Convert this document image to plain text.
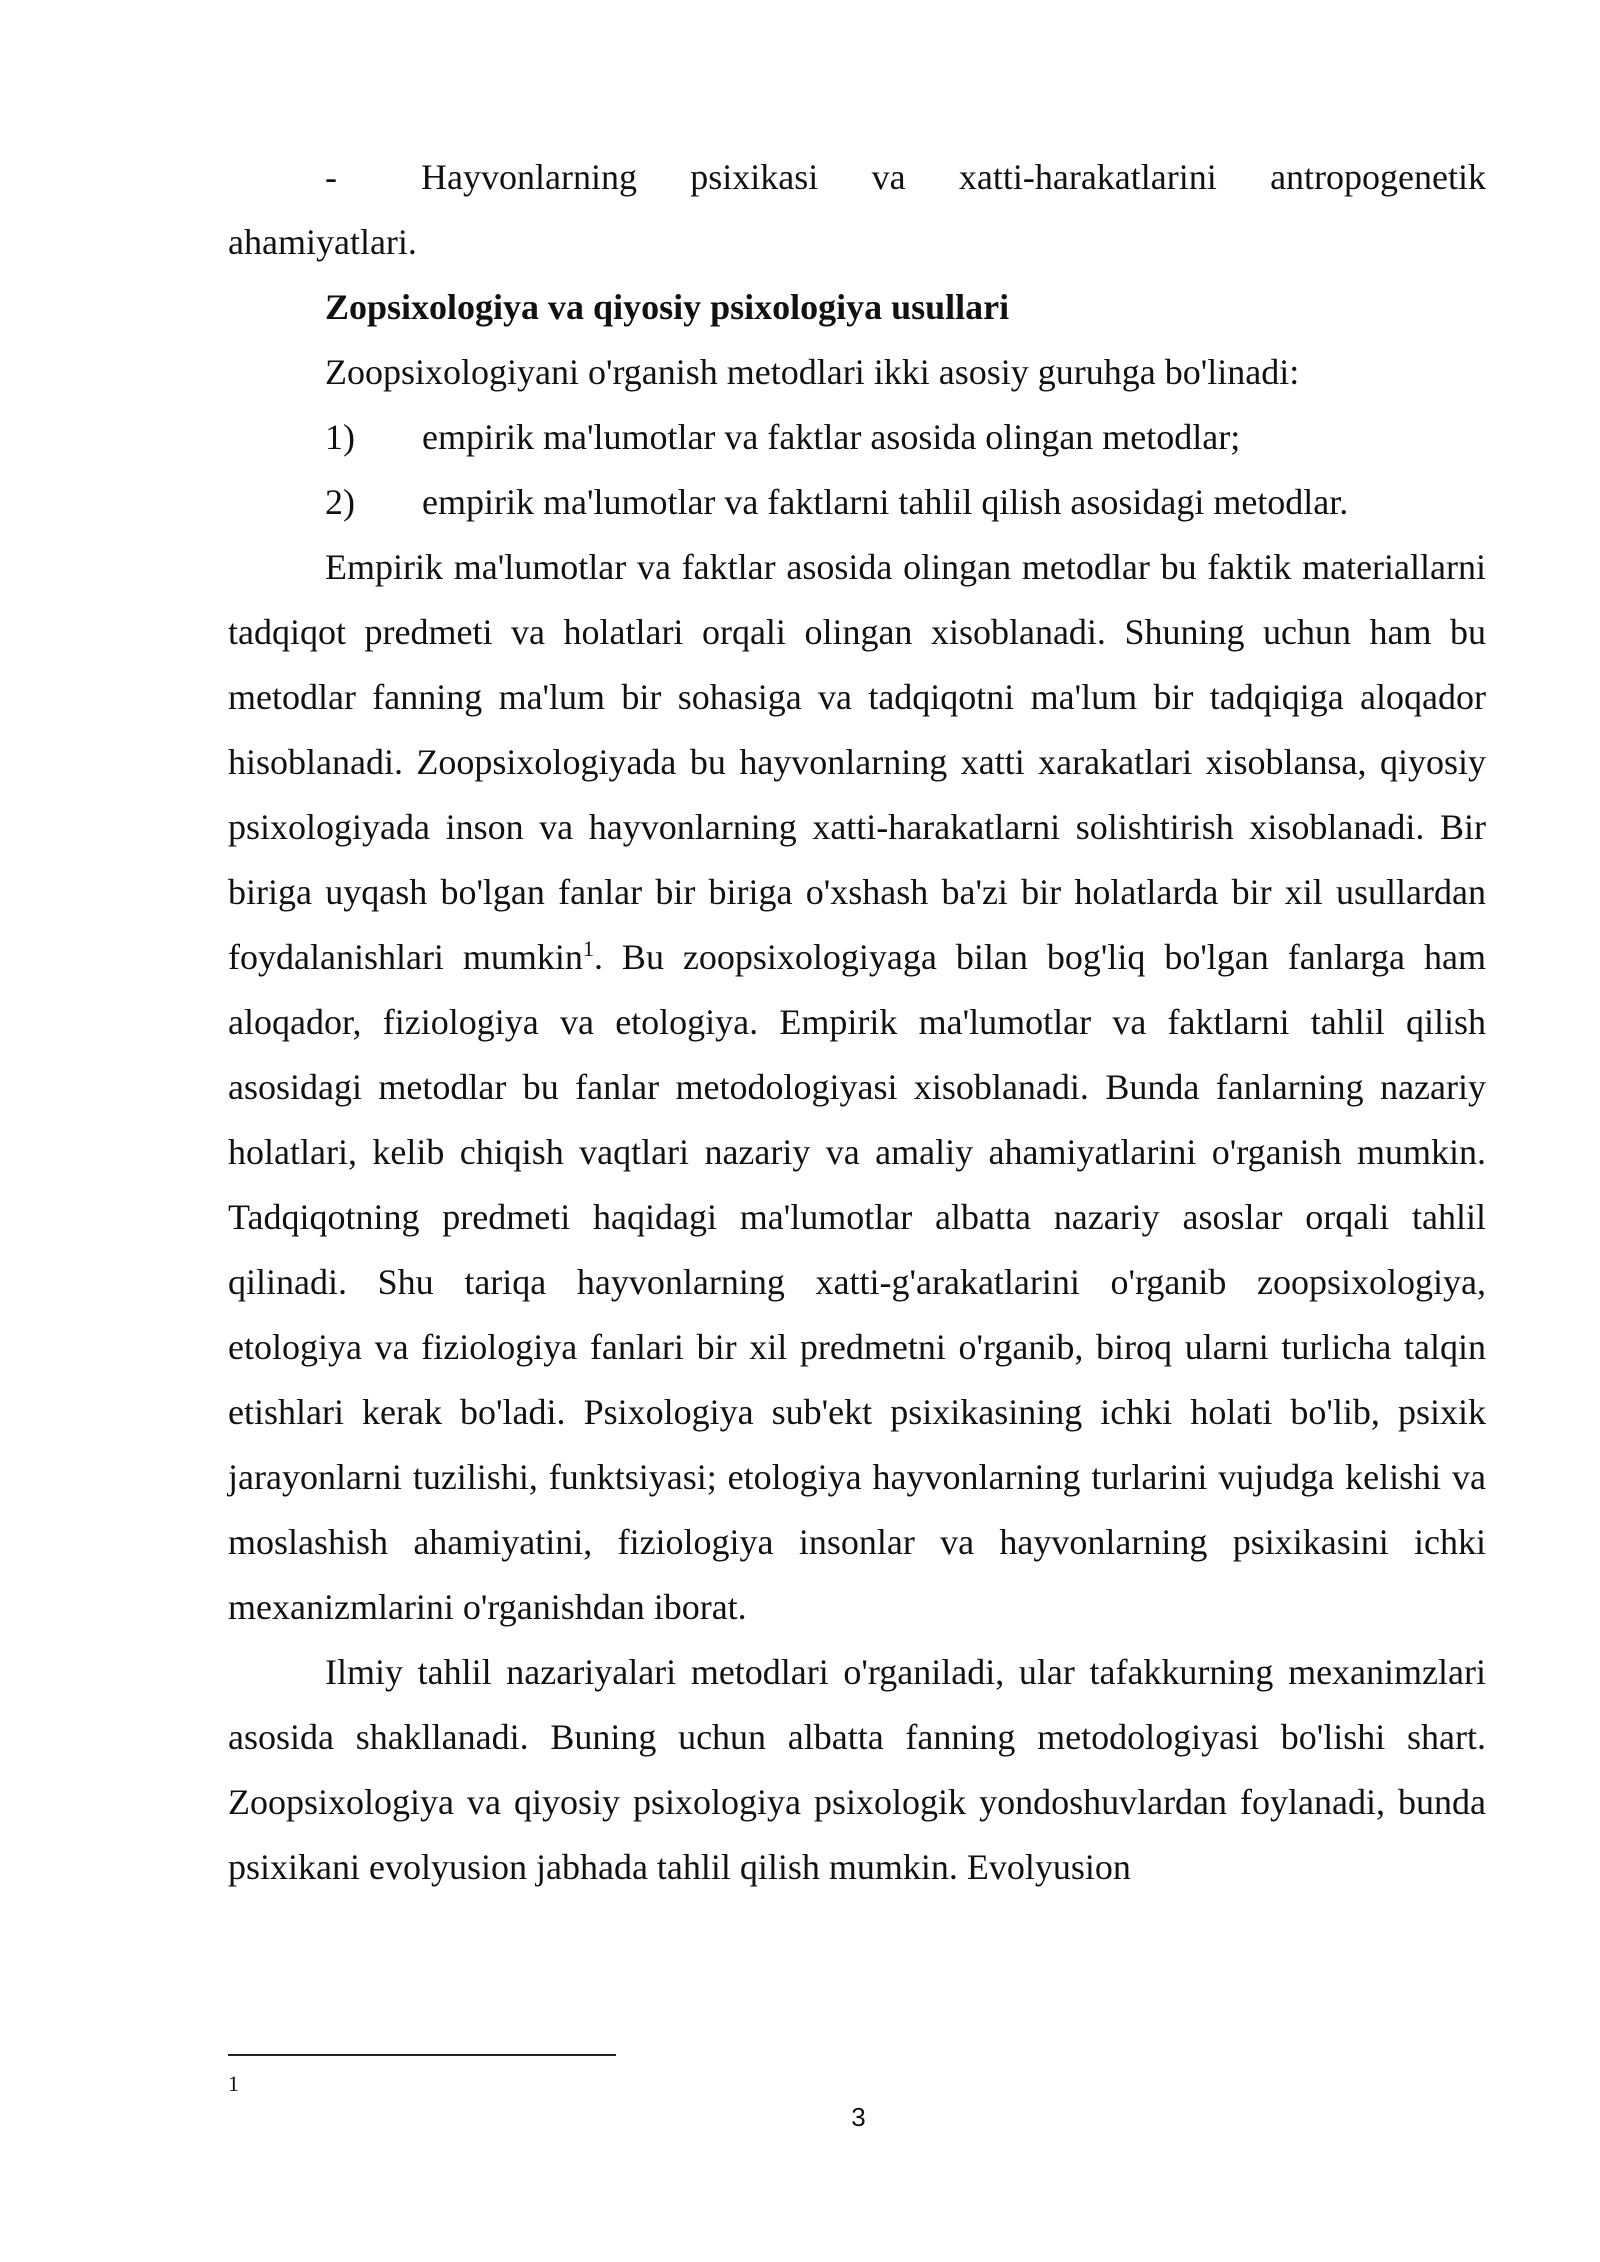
- Hayvonlarning psixikasi va xatti-harakatlarini antropogenetik ahamiyatlari.

Zopsixologiya va qiyosiy psixologiya usullari

Zoopsixologiyani o'rganish metodlari ikki asosiy guruhga bo'linadi:

1)	empirik ma'lumotlar va faktlar asosida olingan metodlar;
2)	empirik ma'lumotlar va faktlarni tahlil qilish asosidagi metodlar.

Empirik ma'lumotlar va faktlar asosida olingan metodlar bu faktik materiallarni tadqiqot predmeti va holatlari orqali olingan xisoblanadi. Shuning uchun ham bu metodlar fanning ma'lum bir sohasiga va tadqiqotni ma'lum bir tadqiqiga aloqador hisoblanadi. Zoopsixologiyada bu hayvonlarning xatti xarakatlari xisoblansa, qiyosiy psixologiyada inson va hayvonlarning xatti-harakatlarni solishtirish xisoblanadi. Bir biriga uyqash bo'lgan fanlar bir biriga o'xshash ba'zi bir holatlarda bir xil usullardan foydalanishlari mumkin$^1$. Bu zoopsixologiyaga bilan bog'liq bo'lgan fanlarga ham aloqador, fiziologiya va etologiya. Empirik ma'lumotlar va faktlarni tahlil qilish asosidagi metodlar bu fanlar metodologiyasi xisoblanadi. Bunda fanlarning nazariy holatlari, kelib chiqish vaqtlari nazariy va amaliy ahamiyatlarini o'rganish mumkin. Tadqiqotning predmeti haqidagi ma'lumotlar albatta nazariy asoslar orqali tahlil qilinadi. Shu tariqa hayvonlarning xatti-g'arakatlarini o'rganib zoopsixologiya, etologiya va fiziologiya fanlari bir xil predmetni o'rganib, biroq ularni turlicha talqin etishlari kerak bo'ladi. Psixologiya sub'ekt psixikasining ichki holati bo'lib, psixik jarayonlarni tuzilishi, funktsiyasi; etologiya hayvonlarning turlarini vujudga kelishi va moslashish ahamiyatini, fiziologiya insonlar va hayvonlarning psixikasini ichki mexanizmlarini o'rganishdan iborat.

Ilmiy tahlil nazariyalari metodlari o'rganiladi, ular tafakkurning mexanimzlari asosida shakllanadi. Buning uchun albatta fanning metodologiyasi bo'lishi shart. Zoopsixologiya va qiyosiy psixologiya psixologik yondoshuvlardan foylanadi, bunda psixikani evolyusion jabhada tahlil qilish mumkin. Evolyusion

1
3
